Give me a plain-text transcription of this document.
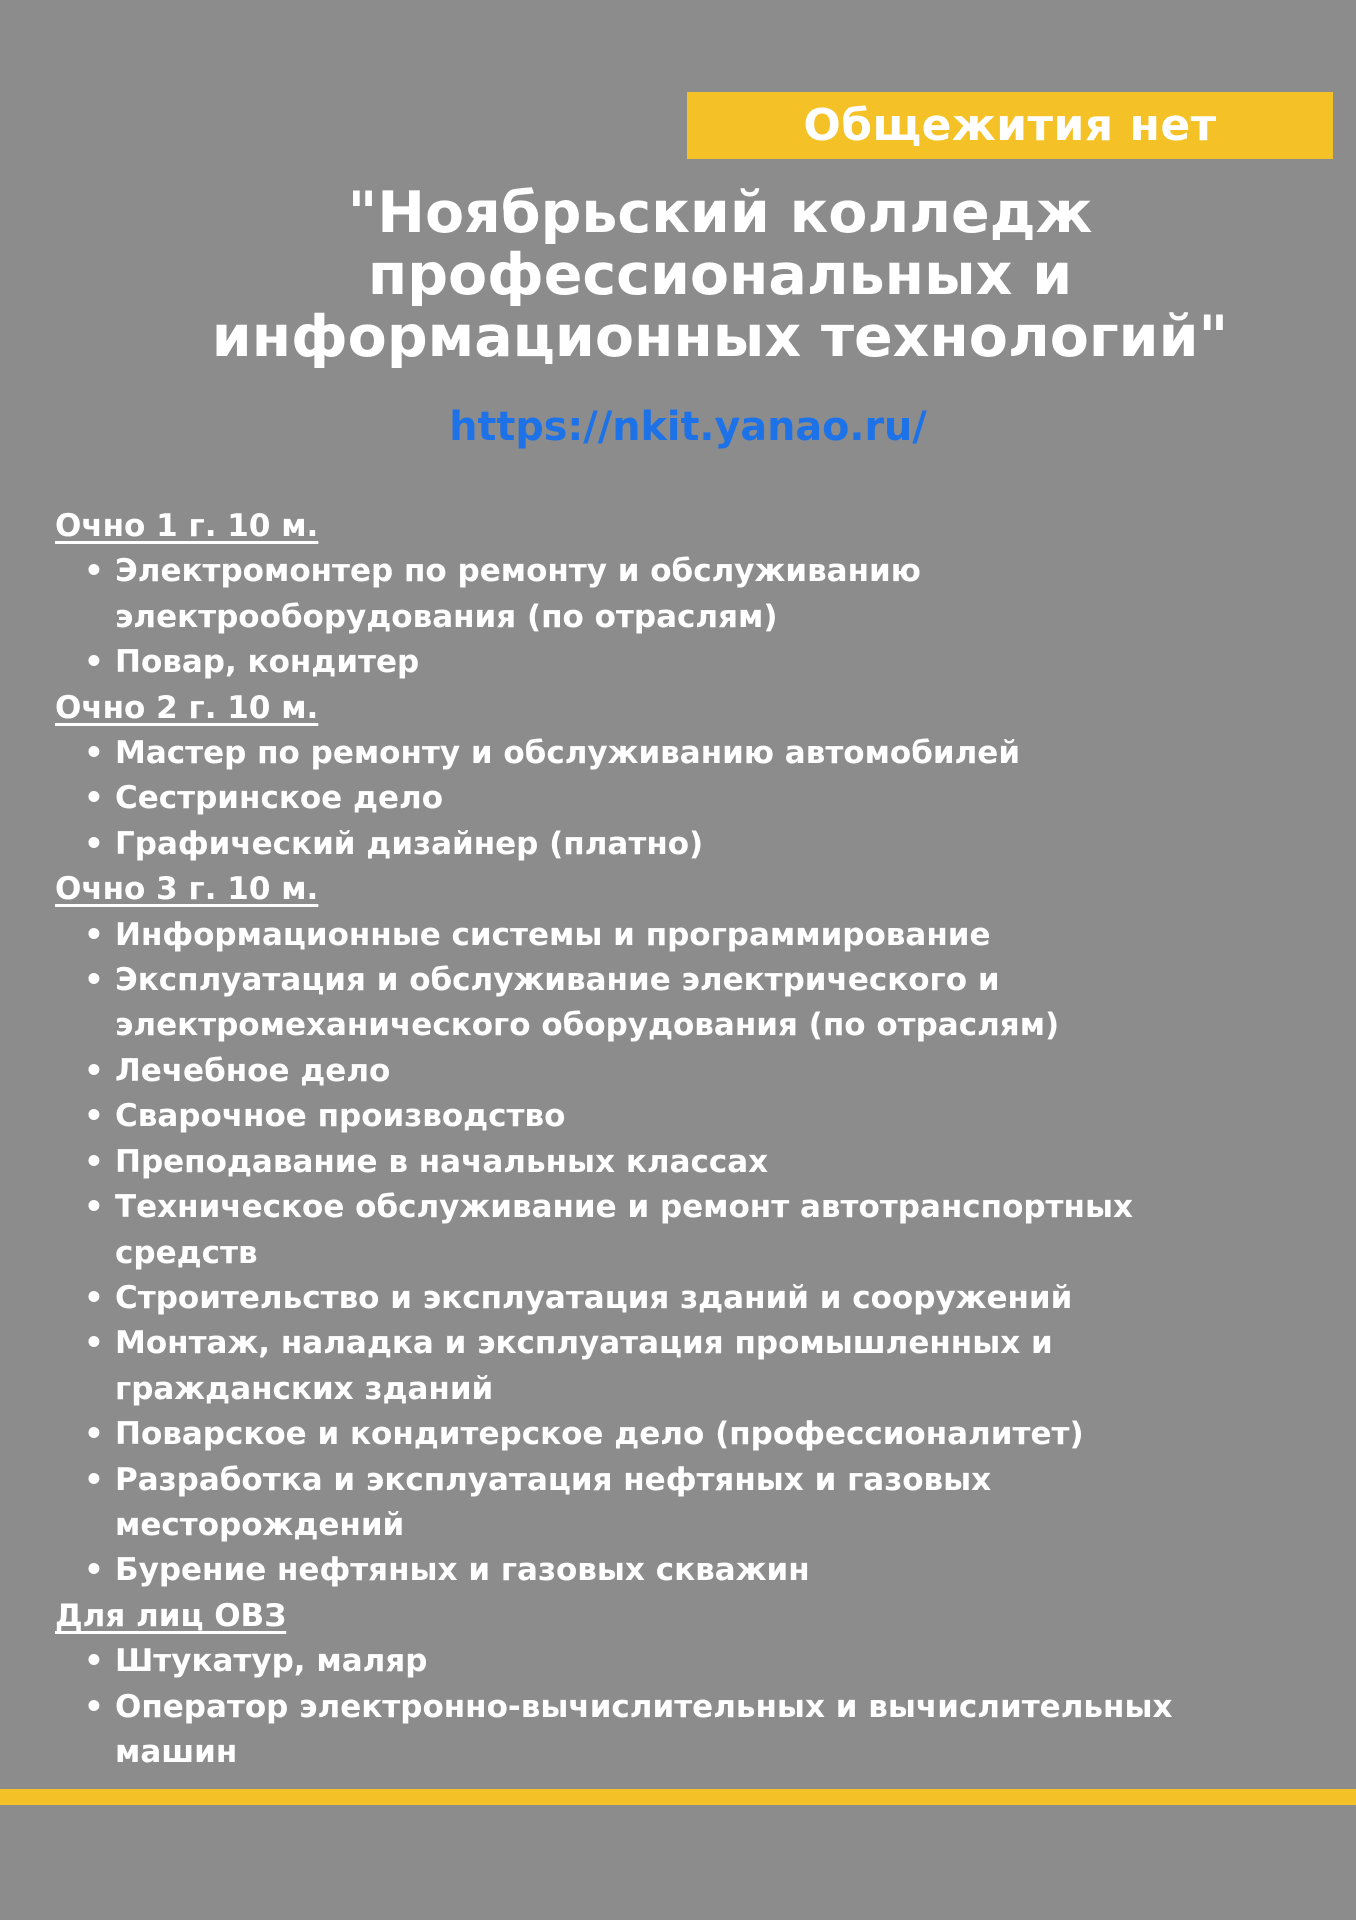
Общежития нет
"Ноябрьский колледж
профессиональных и
информационных технологий"
https://nkit.yanao.ru/
Очно 1 г. 10 м.
• Электромонтер по ремонту и обслуживанию
электрооборудования (по отраслям)
• Повар, кондитер
Очно 2 г. 10 м.
• Мастер по ремонту и обслуживанию автомобилей
• Сестринское дело
• Графический дизайнер (платно)
Очно 3 г. 10 м.
• Информационные системы и программирование
• Эксплуатация и обслуживание электрического и
электромеханического оборудования (по отраслям)
• Лечебное дело
• Сварочное производство
• Преподавание в начальных классах
• Техническое обслуживание и ремонт автотранспортных
средств
• Строительство и эксплуатация зданий и сооружений
• Монтаж, наладка и эксплуатация промышленных и
гражданских зданий
• Поварское и кондитерское дело (профессионалитет)
• Разработка и эксплуатация нефтяных и газовых
месторождений
• Бурение нефтяных и газовых скважин
Для лиц ОВЗ
• Штукатур, маляр
• Оператор электронно-вычислительных и вычислительных
машин
